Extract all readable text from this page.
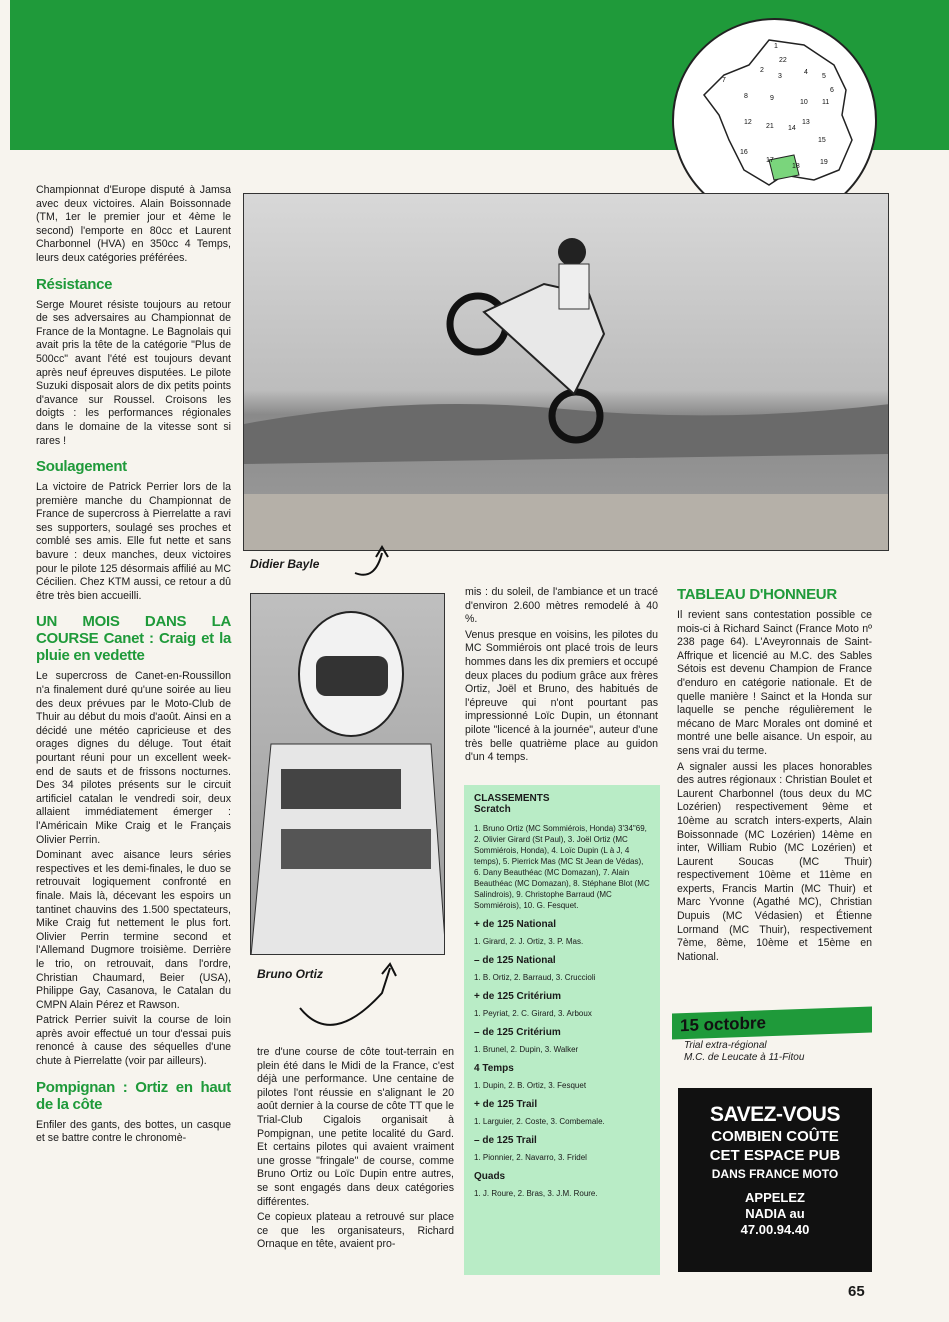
1
22
2
3
4
5
6
7
8	9
10 11
12
21 14
13
15
16
17
18
19

Championnat d'Europe disputé à Jamsa avec deux victoires. Alain Boissonnade (TM, 1er le premier jour et 4ème le second) l'emporte en 80cc et Laurent Charbonnel (HVA) en 350cc 4 Temps, leurs deux catégories préférées.

Résistance

Serge Mouret résiste toujours au retour de ses adversaires au Championnat de France de la Montagne. Le Bagnolais qui avait pris la tête de la catégorie "Plus de 500cc" avant l'été est toujours devant après neuf épreuves disputées. Le pilote Suzuki disposait alors de dix petits points d'avance sur Roussel. Croisons les doigts : les performances régionales dans le domaine de la vitesse sont si rares !

Soulagement

La victoire de Patrick Perrier lors de la première manche du Championnat de France de supercross à Pierrelatte a ravi ses supporters, soulagé ses proches et comblé ses amis. Elle fut nette et sans bavure : deux manches, deux victoires pour le pilote 125 désormais affilié au MC Cécilien. Chez KTM aussi, ce retour a dû être très bien accueilli.

UN MOIS DANS LA COURSE Canet : Craig et la pluie en vedette

Le supercross de Canet-en-Roussillon n'a finalement duré qu'une soirée au lieu des deux prévues par le Moto-Club de Thuir au début du mois d'août. Ainsi en a décidé une météo capricieuse et des orages dignes du déluge. Tout était pourtant réuni pour un excellent week-end de sauts et de frissons nocturnes. Des 34 pilotes présents sur le circuit artificiel catalan le vendredi soir, deux allaient immédiatement émerger : l'Américain Mike Craig et le Français Olivier Perrin.

Dominant avec aisance leurs séries respectives et les demi-finales, le duo se retrouvait logiquement confronté en finale. Mais là, décevant les espoirs un tantinet chauvins des 1.500 spectateurs, Mike Craig fut nettement le plus fort. Olivier Perrin termine second et l'Allemand Dugmore troisième. Derrière le trio, on retrouvait, dans l'ordre, Christian Chaumard, Beier (USA), Philippe Gay, Casanova, le Catalan du CMPN Alain Pérez et Rawson.

Patrick Perrier suivit la course de loin après avoir effectué un tour d'essai puis renoncé à cause des séquelles d'une chute à Pierrelatte (voir par ailleurs).

Pompignan : Ortiz en haut de la côte

Enfiler des gants, des bottes, un casque et se battre contre le chronomè-

Didier Bayle
Bruno Ortiz

tre d'une course de côte tout-terrain en plein été dans le Midi de la France, c'est déjà une performance. Une centaine de pilotes l'ont réussie en s'alignant le 20 août dernier à la course de côte TT que le Trial-Club Cigalois organisait à Pompignan, une petite localité du Gard. Et certains pilotes qui avaient vraiment une grosse "fringale" de course, comme Bruno Ortiz ou Loïc Dupin entre autres, se sont engagés dans deux catégories différentes.

Ce copieux plateau a retrouvé sur place ce que les organisateurs, Richard Ornaque en tête, avaient pro-

mis : du soleil, de l'ambiance et un tracé d'environ 2.600 mètres remodelé à 40 %.

Venus presque en voisins, les pilotes du MC Sommiérois ont placé trois de leurs hommes dans les dix premiers et occupé deux places du podium grâce aux frères Ortiz, Joël et Bruno, des habitués de l'épreuve qui n'ont pourtant pas impressionné Loïc Dupin, un étonnant pilote "licencé à la journée", auteur d'une très belle quatrième place au guidon d'un 4 temps.

CLASSEMENTS
Scratch
1. Bruno Ortiz (MC Sommiérois, Honda) 3'34"69, 2. Olivier Girard (St Paul), 3. Joël Ortiz (MC Sommiérois, Honda), 4. Loïc Dupin (L à J, 4 temps), 5. Pierrick Mas (MC St Jean de Védas), 6. Dany Beauthéac (MC Domazan), 7. Alain Beauthéac (MC Domazan), 8. Stéphane Blot (MC Salindrois), 9. Christophe Barraud (MC Sommiérois), 10. G. Fesquet.
+ de 125 National
1. Girard, 2. J. Ortiz, 3. P. Mas.
– de 125 National
1. B. Ortiz, 2. Barraud, 3. Cruccioli
+ de 125 Critérium
1. Peyriat, 2. C. Girard, 3. Arboux
– de 125 Critérium
1. Brunel, 2. Dupin, 3. Walker
4 Temps
1. Dupin, 2. B. Ortiz, 3. Fesquet
+ de 125 Trail
1. Larguier, 2. Coste, 3. Combemale.
– de 125 Trail
1. Pionnier, 2. Navarro, 3. Fridel
Quads
1. J. Roure, 2. Bras, 3. J.M. Roure.
TABLEAU D'HONNEUR

Il revient sans contestation possible ce mois-ci à Richard Sainct (France Moto nº 238 page 64). L'Aveyronnais de Saint-Affrique et licencié au M.C. des Sables Sétois est devenu Champion de France d'enduro en catégorie nationale. Et de quelle manière ! Sainct et la Honda sur laquelle se penche régulièrement le mécano de Marc Morales ont dominé et montré une belle aisance. Un espoir, au sens vrai du terme.

A signaler aussi les places honorables des autres régionaux : Christian Boulet et Laurent Charbonnel (tous deux du MC Lozérien) respectivement 9ème et 10ème au scratch inters-experts, Alain Boissonnade (MC Lozérien) 14ème en inter, William Rubio (MC Lozérien) et Laurent Soucas (MC Thuir) respectivement 10ème et 11ème en experts, Francis Martin (MC Thuir) et Marc Yvonne (Agathé MC), Christian Dupuis (MC Védasien) et Étienne Lormand (MC Thuir), respectivement 7ème, 8ème, 10ème et 15ème en National.

15 octobre
Trial extra-régional
M.C. de Leucate à 11-Fitou
SAVEZ-VOUS
COMBIEN COÛTE
CET ESPACE PUB
DANS FRANCE MOTO
APPELEZ
NADIA au
47.00.94.40
65
